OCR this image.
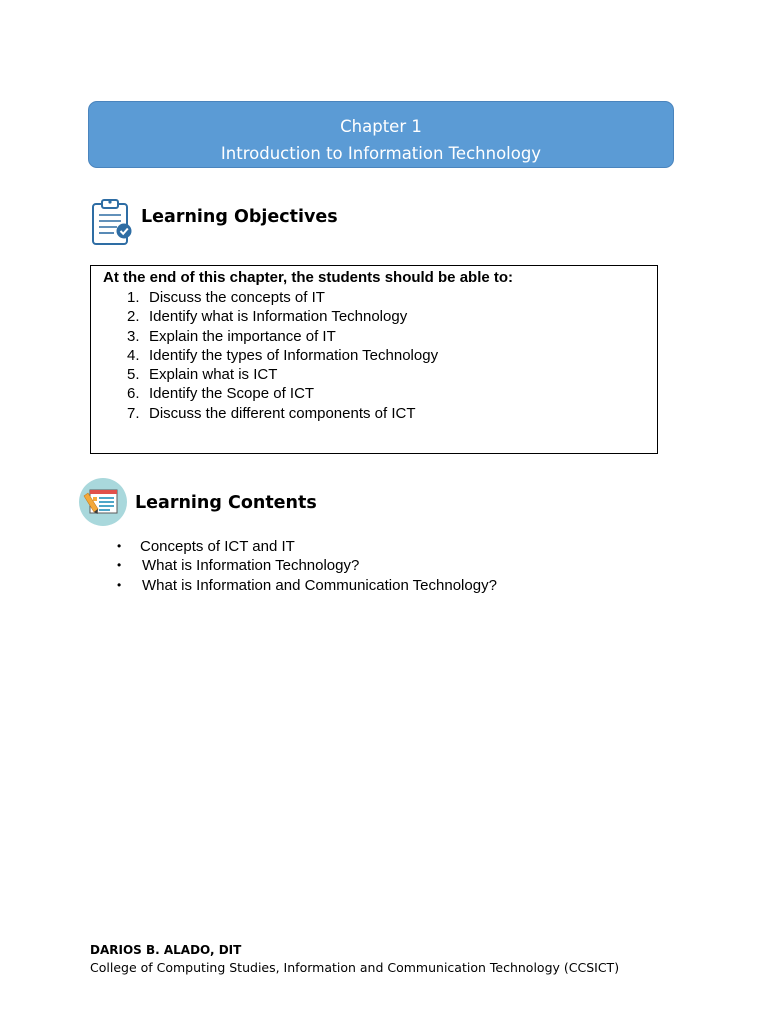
Chapter 1
Introduction to Information Technology
Learning Objectives
At the end of this chapter, the students should be able to:
1. Discuss the concepts of IT
2. Identify what is Information Technology
3. Explain the importance of IT
4. Identify the types of Information Technology
5. Explain what is ICT
6. Identify the Scope of ICT
7. Discuss the different components of ICT
Learning Contents
• Concepts of ICT and IT
• What is Information Technology?
• What is Information and Communication Technology?
DARIOS B. ALADO, DIT
College of Computing Studies, Information and Communication Technology (CCSICT)
